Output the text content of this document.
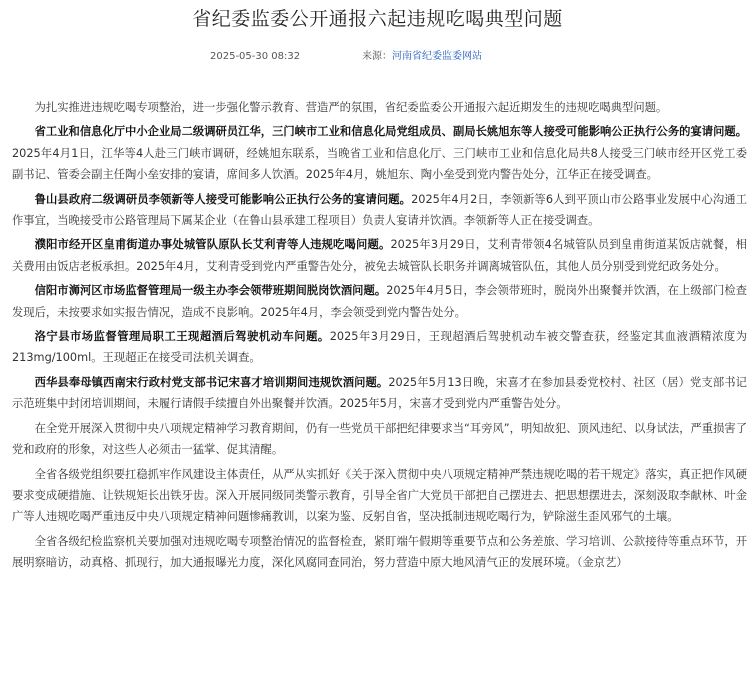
省纪委监委公开通报六起违规吃喝典型问题
2025-05-30 08:32	来源：河南省纪委监委网站

为扎实推进违规吃喝专项整治，进一步强化警示教育、营造严的氛围，省纪委监委公开通报六起近期发生的违规吃喝典型问题。

省工业和信息化厅中小企业局二级调研员江华，三门峡市工业和信息化局党组成员、副局长姚旭东等人接受可能影响公正执行公务的宴请问题。2025年4月1日，江华等4人赴三门峡市调研，经姚旭东联系，当晚省工业和信息化厅、三门峡市工业和信息化局共8人接受三门峡市经开区党工委副书记、管委会副主任陶小垒安排的宴请，席间多人饮酒。2025年4月，姚旭东、陶小垒受到党内警告处分，江华正在接受调查。

鲁山县政府二级调研员李领新等人接受可能影响公正执行公务的宴请问题。2025年4月2日，李领新等6人到平顶山市公路事业发展中心沟通工作事宜，当晚接受市公路管理局下属某企业（在鲁山县承建工程项目）负责人宴请并饮酒。李领新等人正在接受调查。

濮阳市经开区皇甫街道办事处城管队原队长艾利青等人违规吃喝问题。2025年3月29日，艾利青带领4名城管队员到皇甫街道某饭店就餐，相关费用由饭店老板承担。2025年4月，艾利青受到党内严重警告处分，被免去城管队长职务并调离城管队伍，其他人员分别受到党纪政务处分。

信阳市浉河区市场监督管理局一级主办李会领带班期间脱岗饮酒问题。2025年4月5日，李会领带班时，脱岗外出聚餐并饮酒，在上级部门检查发现后，未按要求如实报告情况，造成不良影响。2025年4月，李会领受到党内警告处分。

洛宁县市场监督管理局职工王现超酒后驾驶机动车问题。2025年3月29日，王现超酒后驾驶机动车被交警查获，经鉴定其血液酒精浓度为213mg/100ml。王现超正在接受司法机关调查。

西华县奉母镇西南宋行政村党支部书记宋喜才培训期间违规饮酒问题。2025年5月13日晚，宋喜才在参加县委党校村、社区（居）党支部书记示范班集中封闭培训期间，未履行请假手续擅自外出聚餐并饮酒。2025年5月，宋喜才受到党内严重警告处分。

在全党开展深入贯彻中央八项规定精神学习教育期间，仍有一些党员干部把纪律要求当“耳旁风”，明知故犯、顶风违纪、以身试法，严重损害了党和政府的形象，对这些人必须击一猛掌、促其清醒。

全省各级党组织要扛稳抓牢作风建设主体责任，从严从实抓好《关于深入贯彻中央八项规定精神严禁违规吃喝的若干规定》落实，真正把作风硬要求变成硬措施、让铁规矩长出铁牙齿。深入开展同级同类警示教育，引导全省广大党员干部把自己摆进去、把思想摆进去，深刻汲取李献林、叶金广等人违规吃喝严重违反中央八项规定精神问题惨痛教训，以案为鉴、反躬自省，坚决抵制违规吃喝行为，铲除滋生歪风邪气的土壤。

全省各级纪检监察机关要加强对违规吃喝专项整治情况的监督检查，紧盯端午假期等重要节点和公务差旅、学习培训、公款接待等重点环节，开展明察暗访，动真格、抓现行，加大通报曝光力度，深化风腐同查同治，努力营造中原大地风清气正的发展环境。（金京艺）
